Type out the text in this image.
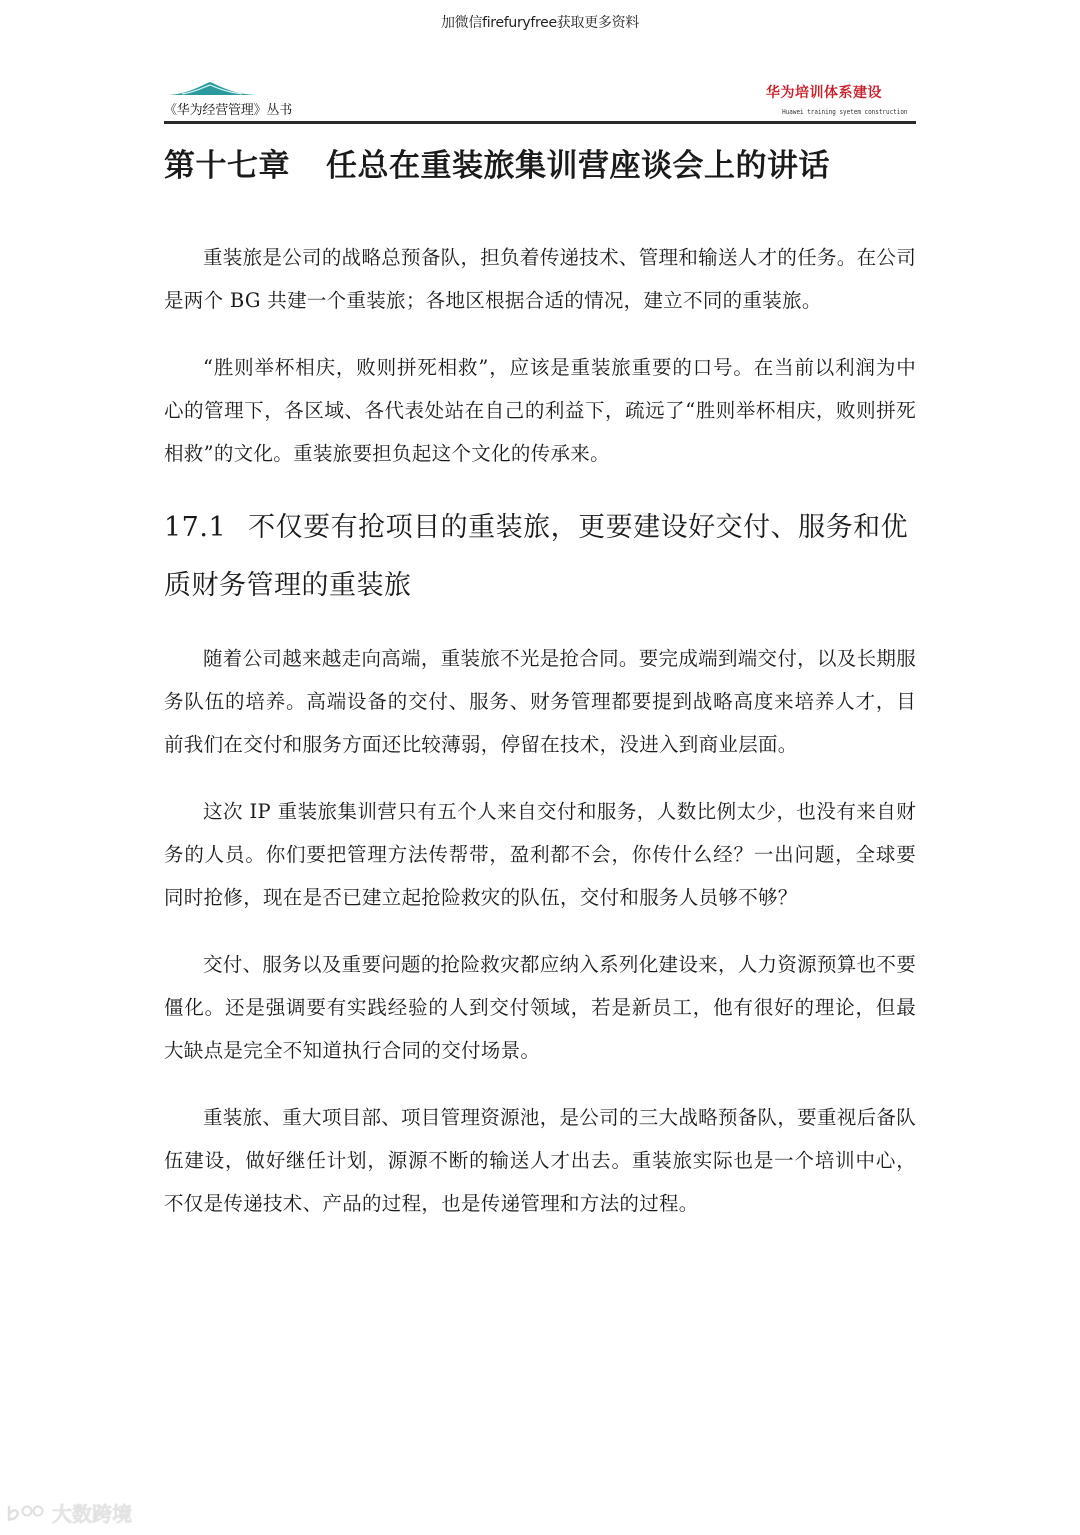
加微信firefuryfree获取更多资料
《华为经营管理》丛书
华为培训体系建设
Huawei training syetem construction
第十七章 任总在重装旅集训营座谈会上的讲话

重装旅是公司的战略总预备队，担负着传递技术、管理和输送人才的任务。在公司是两个 BG 共建一个重装旅；各地区根据合适的情况，建立不同的重装旅。

“胜则举杯相庆，败则拼死相救”，应该是重装旅重要的口号。在当前以利润为中心的管理下，各区域、各代表处站在自己的利益下，疏远了“胜则举杯相庆，败则拼死相救”的文化。重装旅要担负起这个文化的传承来。

17.1 不仅要有抢项目的重装旅，更要建设好交付、服务和优质财务管理的重装旅

随着公司越来越走向高端，重装旅不光是抢合同。要完成端到端交付，以及长期服务队伍的培养。高端设备的交付、服务、财务管理都要提到战略高度来培养人才，目前我们在交付和服务方面还比较薄弱，停留在技术，没进入到商业层面。

这次 IP 重装旅集训营只有五个人来自交付和服务，人数比例太少，也没有来自财务的人员。你们要把管理方法传帮带，盈利都不会，你传什么经？一出问题，全球要同时抢修，现在是否已建立起抢险救灾的队伍，交付和服务人员够不够？

交付、服务以及重要问题的抢险救灾都应纳入系列化建设来，人力资源预算也不要僵化。还是强调要有实践经验的人到交付领域，若是新员工，他有很好的理论，但最大缺点是完全不知道执行合同的交付场景。

重装旅、重大项目部、项目管理资源池，是公司的三大战略预备队，要重视后备队伍建设，做好继任计划，源源不断的输送人才出去。重装旅实际也是一个培训中心，不仅是传递技术、产品的过程，也是传递管理和方法的过程。

大数跨境
